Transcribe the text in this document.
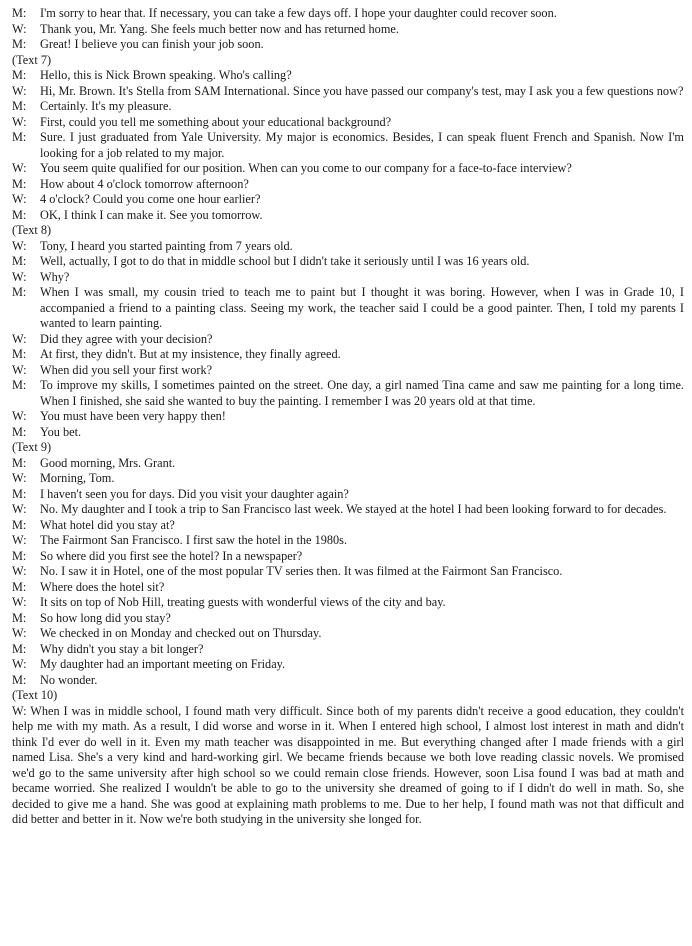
M: I'm sorry to hear that. If necessary, you can take a few days off. I hope your daughter could recover soon.
W: Thank you, Mr. Yang. She feels much better now and has returned home.
M: Great! I believe you can finish your job soon.
(Text 7)
M: Hello, this is Nick Brown speaking. Who's calling?
W: Hi, Mr. Brown. It's Stella from SAM International. Since you have passed our company's test, may I ask you a few questions now?
M: Certainly. It's my pleasure.
W: First, could you tell me something about your educational background?
M: Sure. I just graduated from Yale University. My major is economics. Besides, I can speak fluent French and Spanish. Now I'm looking for a job related to my major.
W: You seem quite qualified for our position. When can you come to our company for a face-to-face interview?
M: How about 4 o'clock tomorrow afternoon?
W: 4 o'clock? Could you come one hour earlier?
M: OK, I think I can make it. See you tomorrow.
(Text 8)
W: Tony, I heard you started painting from 7 years old.
M: Well, actually, I got to do that in middle school but I didn't take it seriously until I was 16 years old.
W: Why?
M: When I was small, my cousin tried to teach me to paint but I thought it was boring. However, when I was in Grade 10, I accompanied a friend to a painting class. Seeing my work, the teacher said I could be a good painter. Then, I told my parents I wanted to learn painting.
W: Did they agree with your decision?
M: At first, they didn't. But at my insistence, they finally agreed.
W: When did you sell your first work?
M: To improve my skills, I sometimes painted on the street. One day, a girl named Tina came and saw me painting for a long time. When I finished, she said she wanted to buy the painting. I remember I was 20 years old at that time.
W: You must have been very happy then!
M: You bet.
(Text 9)
M: Good morning, Mrs. Grant.
W: Morning, Tom.
M: I haven't seen you for days. Did you visit your daughter again?
W: No. My daughter and I took a trip to San Francisco last week. We stayed at the hotel I had been looking forward to for decades.
M: What hotel did you stay at?
W: The Fairmont San Francisco. I first saw the hotel in the 1980s.
M: So where did you first see the hotel? In a newspaper?
W: No. I saw it in Hotel, one of the most popular TV series then. It was filmed at the Fairmont San Francisco.
M: Where does the hotel sit?
W: It sits on top of Nob Hill, treating guests with wonderful views of the city and bay.
M: So how long did you stay?
W: We checked in on Monday and checked out on Thursday.
M: Why didn't you stay a bit longer?
W: My daughter had an important meeting on Friday.
M: No wonder.
(Text 10)
W: When I was in middle school, I found math very difficult. Since both of my parents didn't receive a good education, they couldn't help me with my math. As a result, I did worse and worse in it. When I entered high school, I almost lost interest in math and didn't think I'd ever do well in it. Even my math teacher was disappointed in me. But everything changed after I made friends with a girl named Lisa. She's a very kind and hard-working girl. We became friends because we both love reading classic novels. We promised we'd go to the same university after high school so we could remain close friends. However, soon Lisa found I was bad at math and became worried. She realized I wouldn't be able to go to the university she dreamed of going to if I didn't do well in math. So, she decided to give me a hand. She was good at explaining math problems to me. Due to her help, I found math was not that difficult and did better and better in it. Now we're both studying in the university she longed for.
